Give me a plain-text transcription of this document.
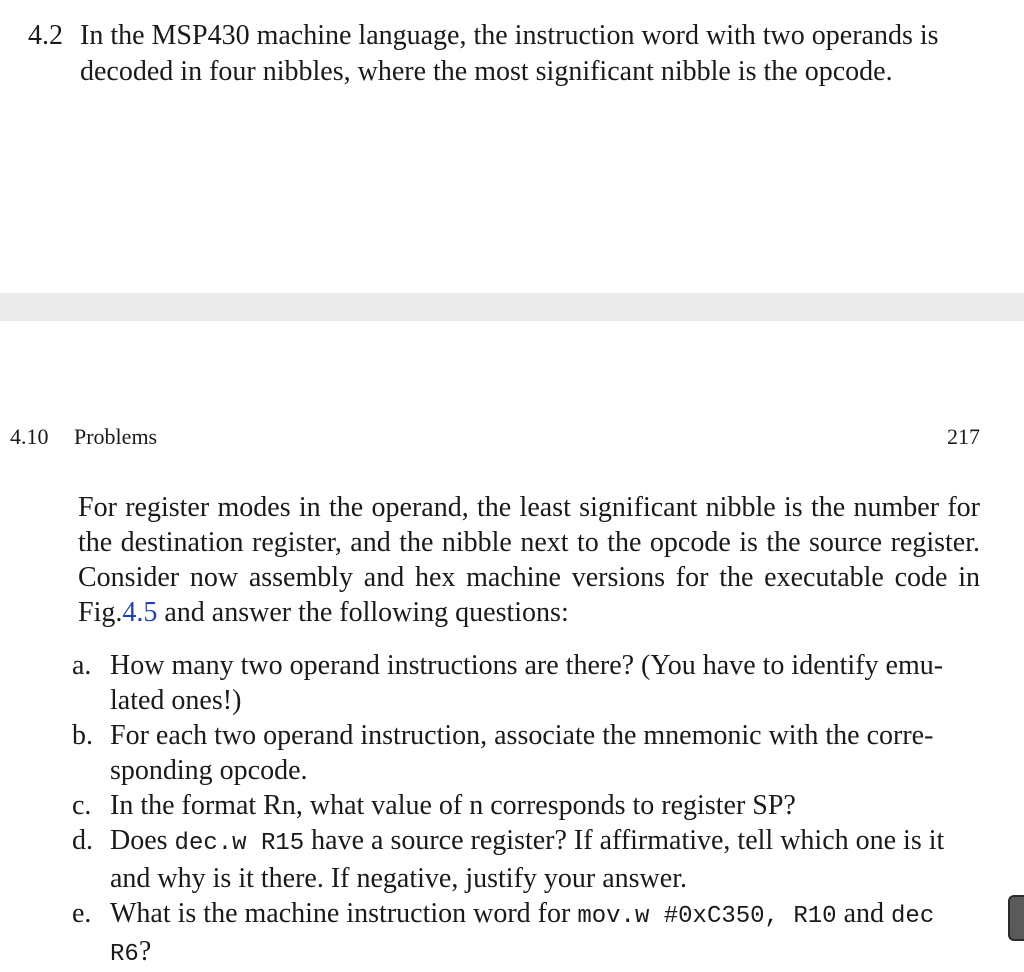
4.2 In the MSP430 machine language, the instruction word with two operands is decoded in four nibbles, where the most significant nibble is the opcode.
4.10 Problems	217

For register modes in the operand, the least significant nibble is the number for the destination register, and the nibble next to the opcode is the source register. Consider now assembly and hex machine versions for the executable code in Fig.4.5 and answer the following questions:

a. How many two operand instructions are there? (You have to identify emu-lated ones!)

b. For each two operand instruction, associate the mnemonic with the corre-sponding opcode.

c. In the format Rn, what value of n corresponds to register SP?

d. Does dec.w R15 have a source register? If affirmative, tell which one is it and why is it there. If negative, justify your answer.

e. What is the machine instruction word for mov.w #0xC350, R10 and dec R6?
